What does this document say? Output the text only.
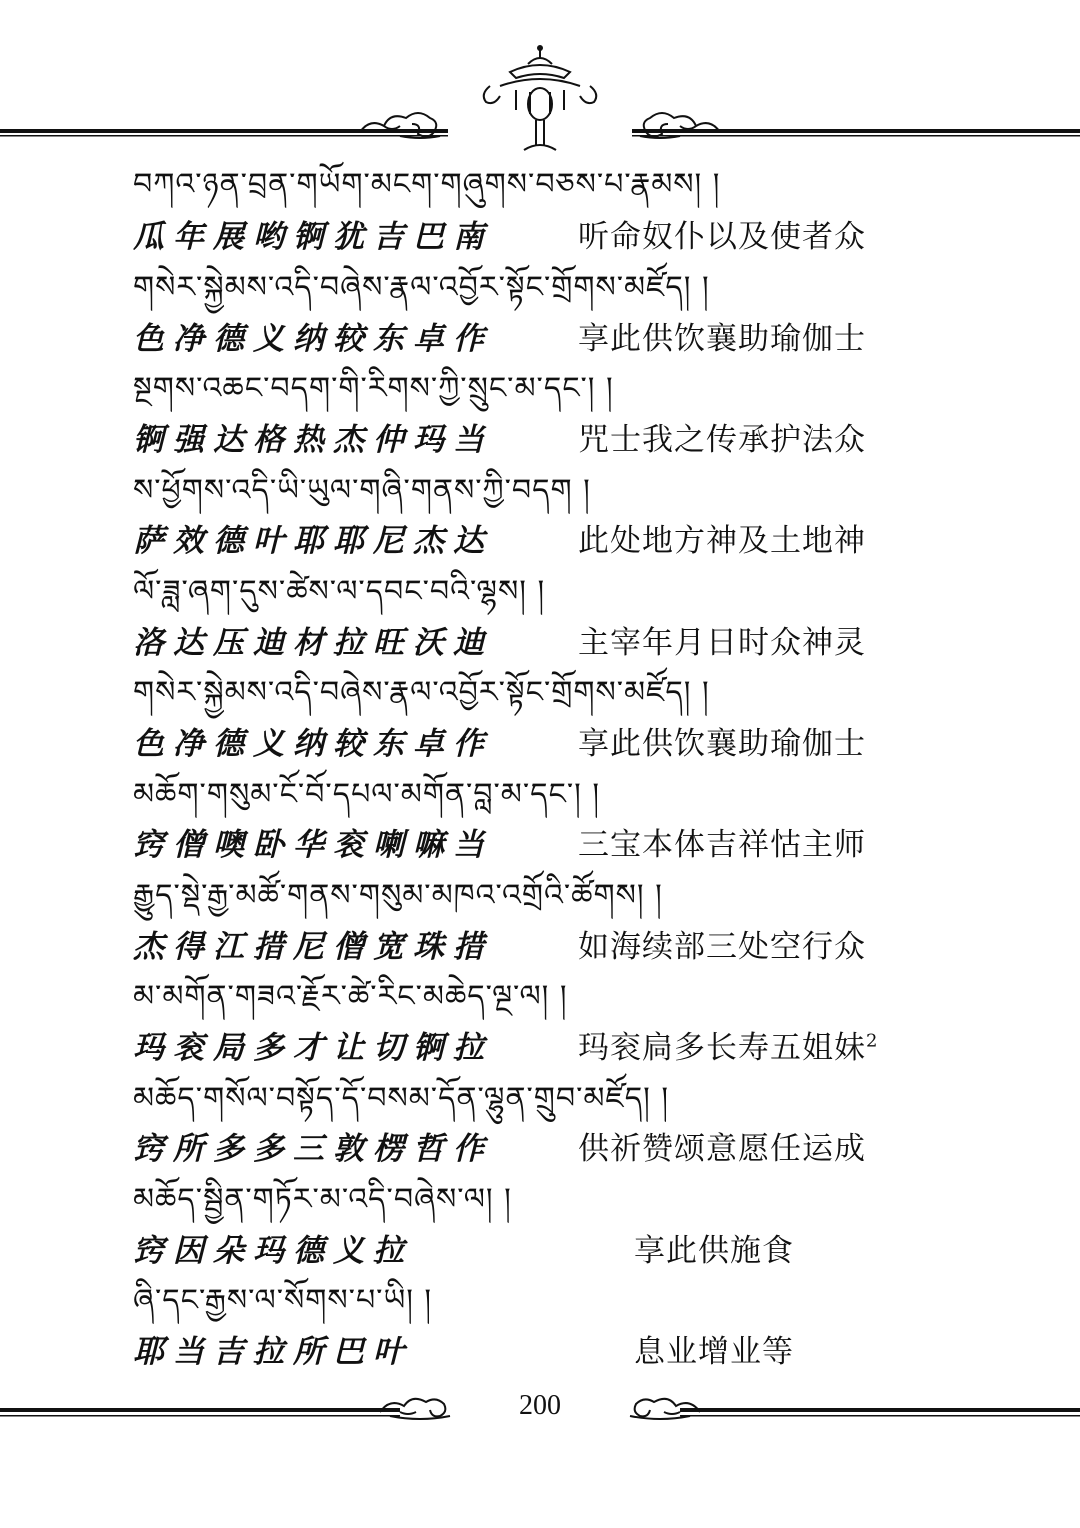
བཀའ་ཉན་བྲན་གཡོག་མངག་གཞུགས་བཅས་པ་རྣམས། །
瓜年展哟锕犹吉巴南	听命奴仆以及使者众
གསེར་སྐྱེམས་འདི་བཞེས་རྣལ་འབྱོར་སྟོང་གྲོགས་མཛོད། །
色净德义纳较东卓作	享此供饮襄助瑜伽士
སྔགས་འཆང་བདག་གི་རིགས་ཀྱི་སྲུང་མ་དང་། །
锕强达格热杰仲玛当	咒士我之传承护法众
ས་ཕྱོགས་འདི་ཡི་ཡུལ་གཞི་གནས་ཀྱི་བདག །
萨效德叶耶耶尼杰达	此处地方神及土地神
ལོ་ཟླ་ཞག་དུས་ཚེས་ལ་དབང་བའི་ལྷས། །
洛达压迪材拉旺沃迪	主宰年月日时众神灵
གསེར་སྐྱེམས་འདི་བཞེས་རྣལ་འབྱོར་སྟོང་གྲོགས་མཛོད། །
色净德义纳较东卓作	享此供饮襄助瑜伽士
མཆོག་གསུམ་ངོ་བོ་དཔལ་མགོན་བླ་མ་དང་། །
窍僧噢卧华衮喇嘛当	三宝本体吉祥怙主师
རྒྱུད་སྡེ་རྒྱ་མཚོ་གནས་གསུམ་མཁའ་འགྲོའི་ཚོགས། །
杰得江措尼僧宽珠措	如海续部三处空行众
མ་མགོན་གཟའ་རྗོར་ཚེ་རིང་མཆེད་ལྔ་ལ། །
玛衮局多才让切锕拉	玛衮扃多长寿五姐妹$^2$
མཆོད་གསོལ་བསྟོད་དོ་བསམ་དོན་ལྷུན་གྲུབ་མཛོད། །
窍所多多三敦楞哲作	供祈赞颂意愿任运成
མཆོད་སྦྱིན་གཏོར་མ་འདི་བཞེས་ལ། །
窍因朵玛德义拉	享此供施食
ཞི་དང་རྒྱས་ལ་སོགས་པ་ཡི། །
耶当吉拉所巴叶	息业增业等
200
